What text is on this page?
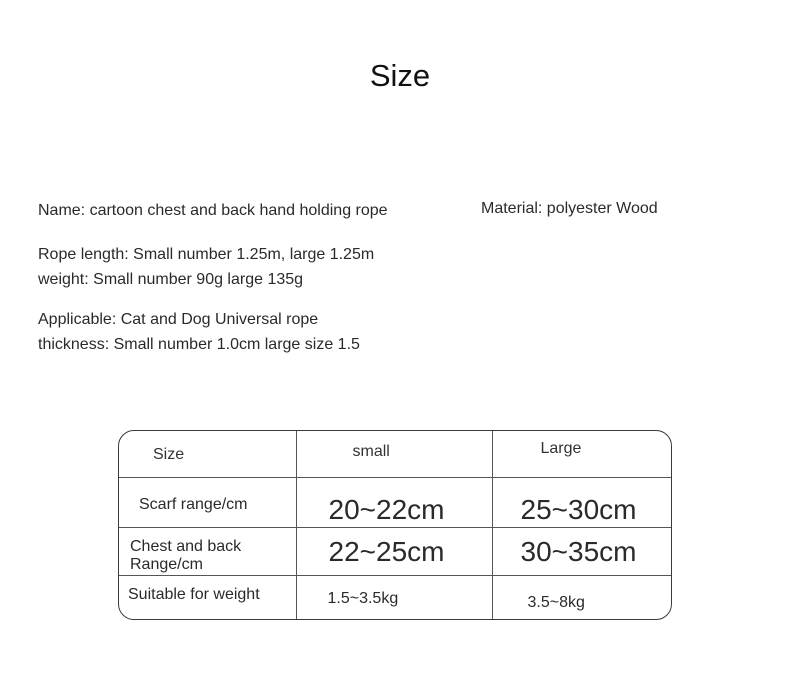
Size
Name: cartoon chest and back hand holding rope	Material: polyester Wood
Rope length: Small number 1.25m, large 1.25m
weight: Small number 90g large 135g
Applicable: Cat and Dog Universal rope
thickness: Small number 1.0cm large size 1.5
Size	small	Large

Scarf range/cm	20~22cm	25~30cm

Chest and back
Range/cm	22~25cm	30~35cm

Suitable for weight	1.5~3.5kg	3.5~8kg
